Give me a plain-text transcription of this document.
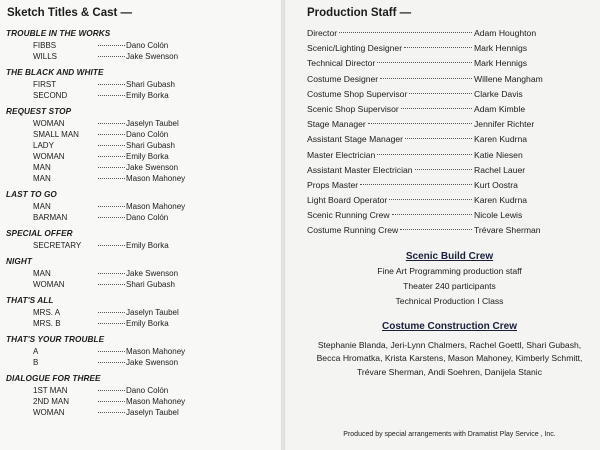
Sketch Titles & Cast —
TROUBLE IN THE WORKS
FIBBS	Dano Colón
WILLS	Jake Swenson
THE BLACK AND WHITE
FIRST	Shari Gubash
SECOND	Emily Borka
REQUEST STOP
WOMAN	Jaselyn Taubel
SMALL MAN	Dano Colón
LADY	Shari Gubash
WOMAN	Emily Borka
MAN	Jake Swenson
MAN	Mason Mahoney
LAST TO GO
MAN	Mason Mahoney
BARMAN	Dano Colón
SPECIAL OFFER
SECRETARY	Emily Borka
NIGHT
MAN	Jake Swenson
WOMAN	Shari Gubash
THAT'S ALL
MRS. A	Jaselyn Taubel
MRS. B	Emily Borka
THAT'S YOUR TROUBLE
A	Mason Mahoney
B	Jake Swenson
DIALOGUE FOR THREE
1ST MAN	Dano Colón
2ND MAN	Mason Mahoney
WOMAN	Jaselyn Taubel
Production Staff —
Director	Adam Houghton
Scenic/Lighting Designer	Mark Hennigs
Technical Director	Mark Hennigs
Costume Designer	Willene Mangham
Costume Shop Supervisor	Clarke Davis
Scenic Shop Supervisor	Adam Kimble
Stage Manager	Jennifer Richter
Assistant Stage Manager	Karen Kudrna
Master Electrician	Katie Niesen
Assistant Master Electrician	Rachel Lauer
Props Master	Kurt Oostra
Light Board Operator	Karen Kudrna
Scenic Running Crew	Nicole Lewis
Costume Running Crew	Trévare Sherman
Scenic Build Crew
Fine Art Programming production staff
Theater 240 participants
Technical Production I Class
Costume Construction Crew
Stephanie Blanda, Jeri-Lynn Chalmers, Rachel Goettl, Shari Gubash,
Becca Hromatka, Krista Karstens, Mason Mahoney, Kimberly Schmitt,
Trévare Sherman, Andi Soehren, Danijela Stanic
Produced by special arrangements with Dramatist Play Service , Inc.
